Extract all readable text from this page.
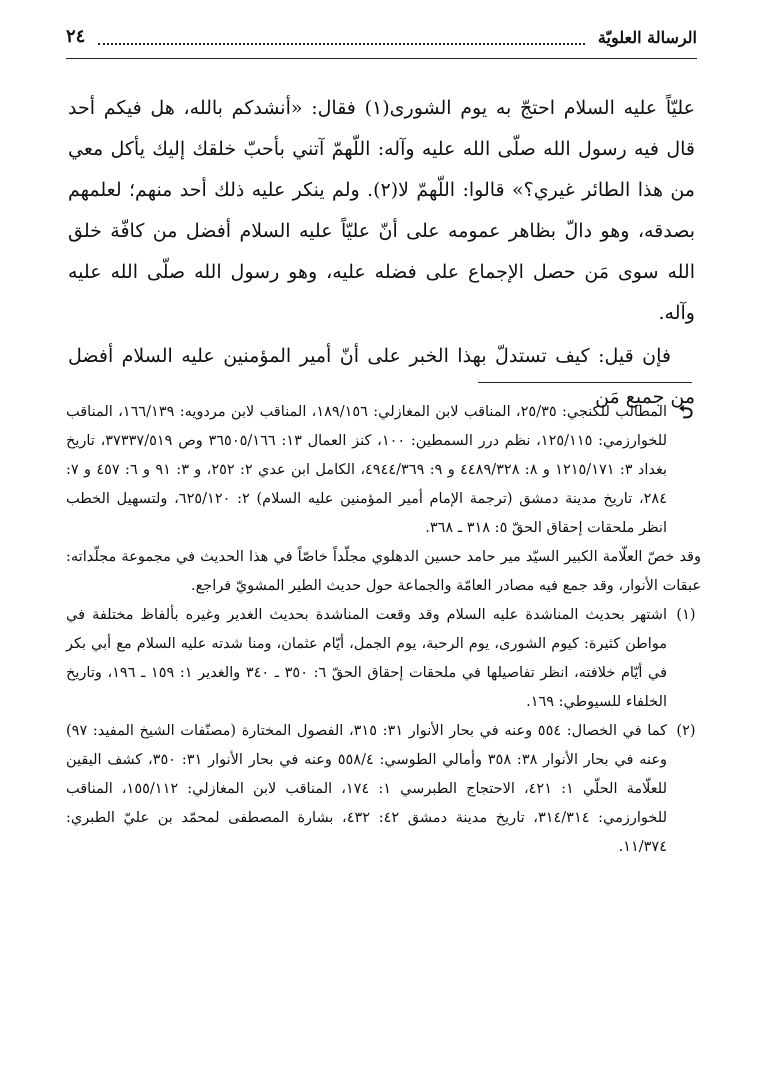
الرسالة العلويّة
٢٤

عليّاً عليه السلام احتجّ به يوم الشورى(١) فقال: «أنشدكم بالله، هل فيكم أحد قال فيه رسول الله صلّى الله عليه وآله: اللّهمّ آتني بأحبّ خلقك إليك يأكل معي من هذا الطائر غيري؟» قالوا: اللّهمّ لا(٢). ولم ينكر عليه ذلك أحد منهم؛ لعلمهم بصدقه، وهو دالّ بظاهر عمومه على أنّ عليّاً عليه السلام أفضل من كافّة خلق الله سوى مَن حصل الإجماع على فضله عليه، وهو رسول الله صلّى الله عليه وآله.

فإن قيل: كيف تستدلّ بهذا الخبر على أنّ أمير المؤمنين عليه السلام أفضل من جميع مَن

⮌
المطالب للكنجي: ٢٥/٣٥، المناقب لابن المغازلي: ١٨٩/١٥٦، المناقب لابن مردويه: ١٦٦/١٣٩، المناقب للخوارزمي: ١٢٥/١١٥، نظم درر السمطين: ١٠٠، كنز العمال ١٣: ٣٦٥٠٥/١٦٦ وص ٣٧٣٣٧/٥١٩، تاريخ بغداد ٣: ١٢١٥/١٧١ و ٨: ٤٤٨٩/٣٢٨ و ٩: ٤٩٤٤/٣٦٩، الكامل ابن عدي ٢: ٢٥٢، و ٣: ٩١ و ٦: ٤٥٧ و ٧: ٢٨٤، تاريخ مدينة دمشق (ترجمة الإمام أمير المؤمنين عليه السلام) ٢: ٦٢٥/١٢٠، ولتسهيل الخطب انظر ملحقات إحقاق الحقّ ٥: ٣١٨ ـ ٣٦٨.

وقد خصّ العلّامة الكبير السيّد مير حامد حسين الدهلوي مجلّداً خاصّاً في هذا الحديث في مجموعة مجلّداته: عبقات الأنوار، وقد جمع فيه مصادر العامّة والجماعة حول حديث الطير المشويّ فراجع.

(١)
اشتهر بحديث المناشدة عليه السلام وقد وقعت المناشدة بحديث الغدير وغيره بألفاظ مختلفة في مواطن كثيرة: كيوم الشورى، يوم الرحبة، يوم الجمل، أيّام عثمان، ومنا شدته عليه السلام مع أبي بكر في أيّام خلافته، انظر تفاصيلها في ملحقات إحقاق الحقّ ٦: ٣٥٠ ـ ٣٤٠ والغدير ١: ١٥٩ ـ ١٩٦، وتاريخ الخلفاء للسيوطي: ١٦٩.

(٢)
كما في الخصال: ٥٥٤ وعنه في بحار الأنوار ٣١: ٣١٥، الفصول المختارة (مصنّفات الشيخ المفيد: ٩٧) وعنه في بحار الأنوار ٣٨: ٣٥٨ وأمالي الطوسي: ٥٥٨/٤ وعنه في بحار الأنوار ٣١: ٣٥٠، كشف اليقين للعلّامة الحلّي ١: ٤٢١، الاحتجاج الطبرسي ١: ١٧٤، المناقب لابن المغازلي: ١٥٥/١١٢، المناقب للخوارزمي: ٣١٤/٣١٤، تاريخ مدينة دمشق ٤٢: ٤٣٢، بشارة المصطفى لمحمّد بن عليّ الطبري: ١١/٣٧٤.
